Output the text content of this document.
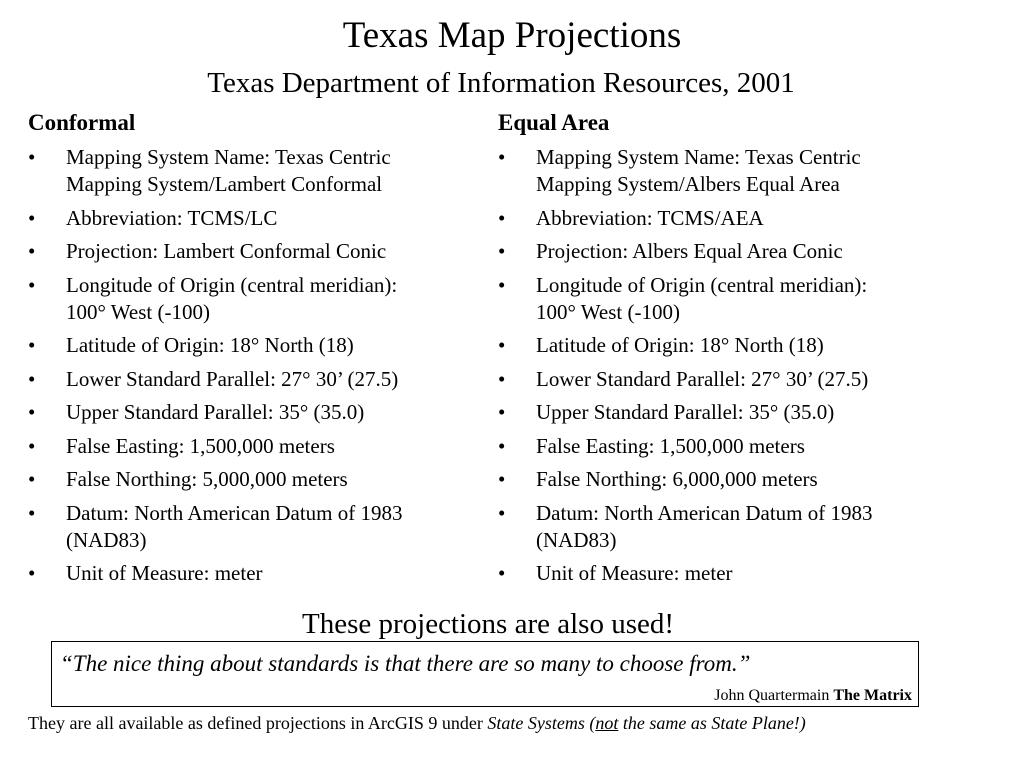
Texas Map Projections
Texas Department of Information Resources, 2001
Conformal
•	Mapping System Name: Texas Centric
Mapping System/Lambert Conformal
•	Abbreviation: TCMS/LC
•	Projection: Lambert Conformal Conic
•	Longitude of Origin (central meridian):
100° West (-100)
•	Latitude of Origin: 18° North (18)
•	Lower Standard Parallel: 27° 30’ (27.5)
•	Upper Standard Parallel: 35° (35.0)
•	False Easting: 1,500,000 meters
•	False Northing: 5,000,000 meters
•	Datum: North American Datum of 1983
(NAD83)
•	Unit of Measure: meter
Equal Area
•	Mapping System Name: Texas Centric
Mapping System/Albers Equal Area
•	Abbreviation: TCMS/AEA
•	Projection: Albers Equal Area Conic
•	Longitude of Origin (central meridian):
100° West (-100)
•	Latitude of Origin: 18° North (18)
•	Lower Standard Parallel: 27° 30’ (27.5)
•	Upper Standard Parallel: 35° (35.0)
•	False Easting: 1,500,000 meters
•	False Northing: 6,000,000 meters
•	Datum: North American Datum of 1983
(NAD83)
•	Unit of Measure: meter
These projections are also used!
“The nice thing about standards is that there are so many to choose from.”
John Quartermain The Matrix
They are all available as defined projections in ArcGIS 9 under State Systems (not the same as State Plane!)
